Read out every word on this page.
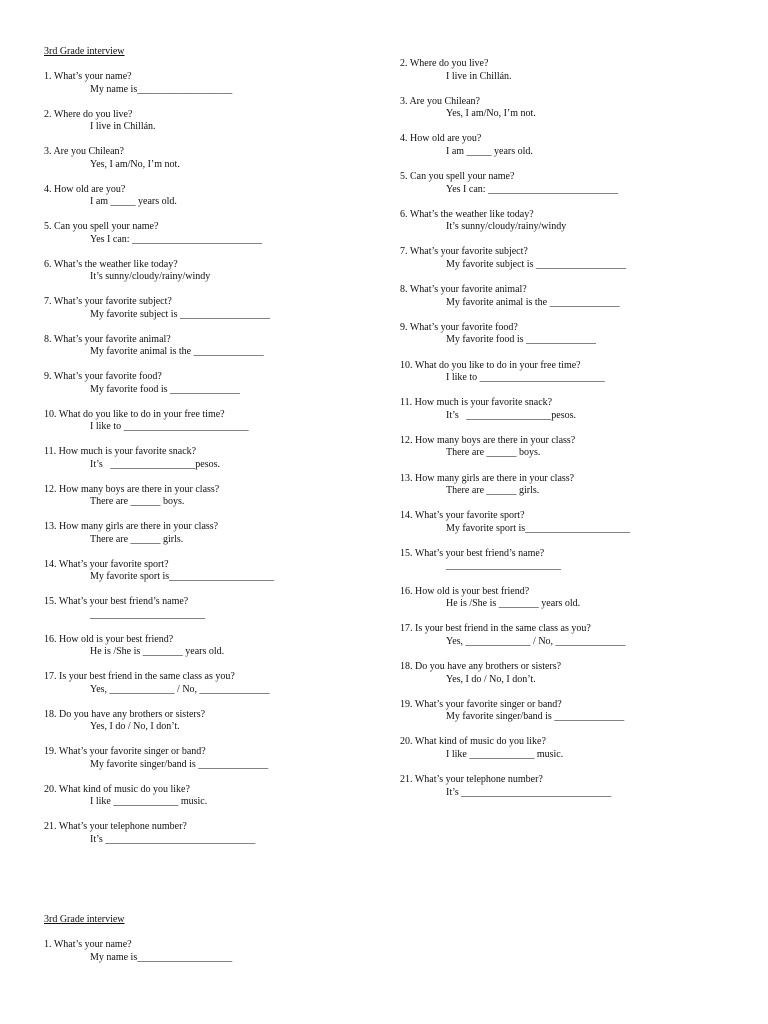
3rd Grade interview
1. What’s your name?
My name is___________________
2. Where do you live?
I live in Chillán.
3. Are you Chilean?
Yes, I am/No, I’m not.
4. How old are you?
I am _____ years old.
5. Can you spell your name?
Yes I can: __________________________
6. What’s the weather like today?
It’s sunny/cloudy/rainy/windy
7. What’s your favorite subject?
My favorite subject is __________________
8. What’s your favorite animal?
My favorite animal is the ______________
9. What’s your favorite food?
My favorite food is ______________
10. What do you like to do in your free time?
I like to _________________________
11. How much is your favorite snack?
It’s   _________________pesos.
12. How many boys are there in your class?
There are ______ boys.
13. How many girls are there in your class?
There are ______ girls.
14. What’s your favorite sport?
My favorite sport is_____________________
15. What’s your best friend’s name?
_______________________
16. How old is your best friend?
He is /She is ________ years old.
17. Is your best friend in the same class as you?
Yes, _____________ / No, ______________
18. Do you have any brothers or sisters?
Yes, I do / No, I don’t.
19. What’s your favorite singer or band?
My favorite singer/band is ______________
20. What kind of music do you like?
I like _____________ music.
21. What’s your telephone number?
It’s ______________________________
2. Where do you live?
I live in Chillán.
3. Are you Chilean?
Yes, I am/No, I’m not.
4. How old are you?
I am _____ years old.
5. Can you spell your name?
Yes I can: __________________________
6. What’s the weather like today?
It’s sunny/cloudy/rainy/windy
7. What’s your favorite subject?
My favorite subject is __________________
8. What’s your favorite animal?
My favorite animal is the ______________
9. What’s your favorite food?
My favorite food is ______________
10. What do you like to do in your free time?
I like to _________________________
11. How much is your favorite snack?
It’s   _________________pesos.
12. How many boys are there in your class?
There are ______ boys.
13. How many girls are there in your class?
There are ______ girls.
14. What’s your favorite sport?
My favorite sport is_____________________
15. What’s your best friend’s name?
_______________________
16. How old is your best friend?
He is /She is ________ years old.
17. Is your best friend in the same class as you?
Yes, _____________ / No, ______________
18. Do you have any brothers or sisters?
Yes, I do / No, I don’t.
19. What’s your favorite singer or band?
My favorite singer/band is ______________
20. What kind of music do you like?
I like _____________ music.
21. What’s your telephone number?
It’s ______________________________
3rd Grade interview
1. What’s your name?
My name is___________________
